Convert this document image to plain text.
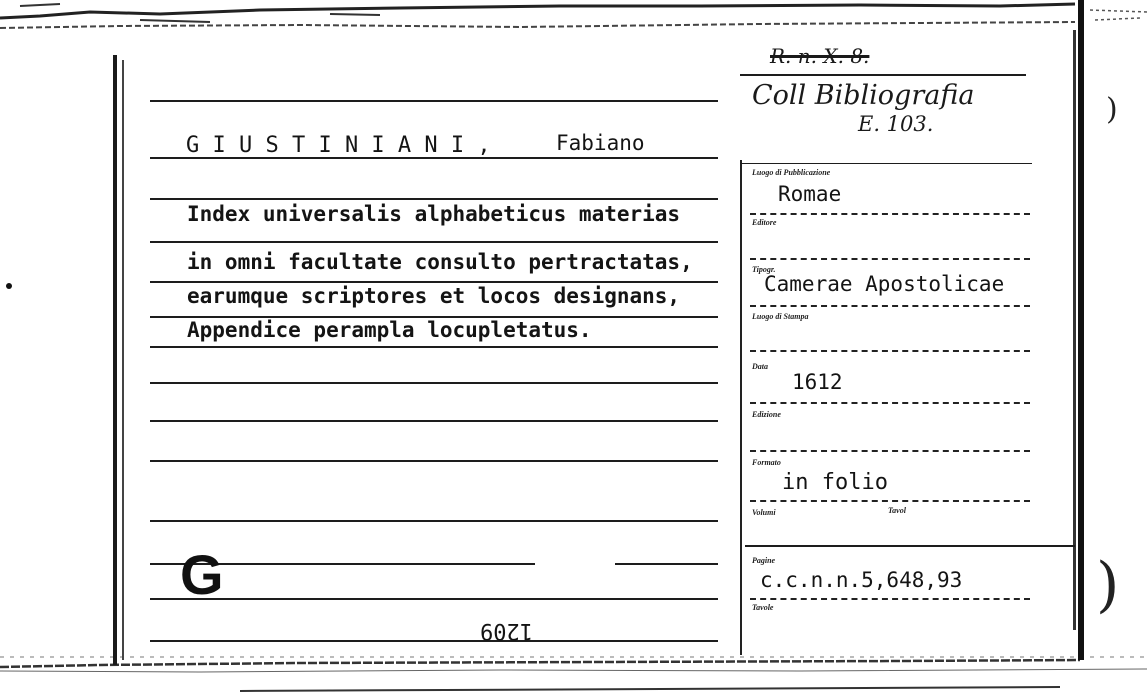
)
)
R. n. X. 8.
Coll Bibliografia
E. 103.
G I U S T I N I A N I ,	Fabiano
Index universalis alphabeticus materias
in omni facultate consulto pertractatas,
earumque scriptores et locos designans,
Appendice perampla locupletatus.
G
1209
Luogo di Pubblicazione
Editore
Tipogr.
Luogo di Stampa
Data
Edizione
Formato
Volumi	Tavol
Pagine
Tavole
Romae
Camerae Apostolicae
1612
in folio
c.c.n.n.5,648,93
